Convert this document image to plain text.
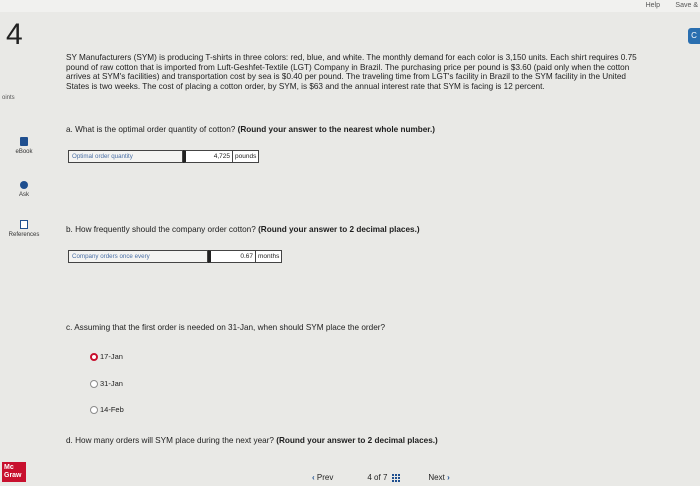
Help Save &
4	C
oints
eBook
Ask
References
Mc
Graw

SY Manufacturers (SYM) is producing T-shirts in three colors: red, blue, and white. The monthly demand for each color is 3,150 units. Each shirt requires 0.75 pound of raw cotton that is imported from Luft-Geshfet-Textile (LGT) Company in Brazil. The purchasing price per pound is $3.60 (paid only when the cotton arrives at SYM's facilities) and transportation cost by sea is $0.40 per pound. The traveling time from LGT's facility in Brazil to the SYM facility in the United States is two weeks. The cost of placing a cotton order, by SYM, is $63 and the annual interest rate that SYM is facing is 12 percent.

a. What is the optimal order quantity of cotton? (Round your answer to the nearest whole number.)

Optimal order quantity	4,725 pounds

b. How frequently should the company order cotton? (Round your answer to 2 decimal places.)

Company orders once every	0.67 months

c. Assuming that the first order is needed on 31-Jan, when should SYM place the order?

17-Jan
31-Jan
14-Feb

d. How many orders will SYM place during the next year? (Round your answer to 2 decimal places.)

‹ Prev	4 of 7	Next ›
